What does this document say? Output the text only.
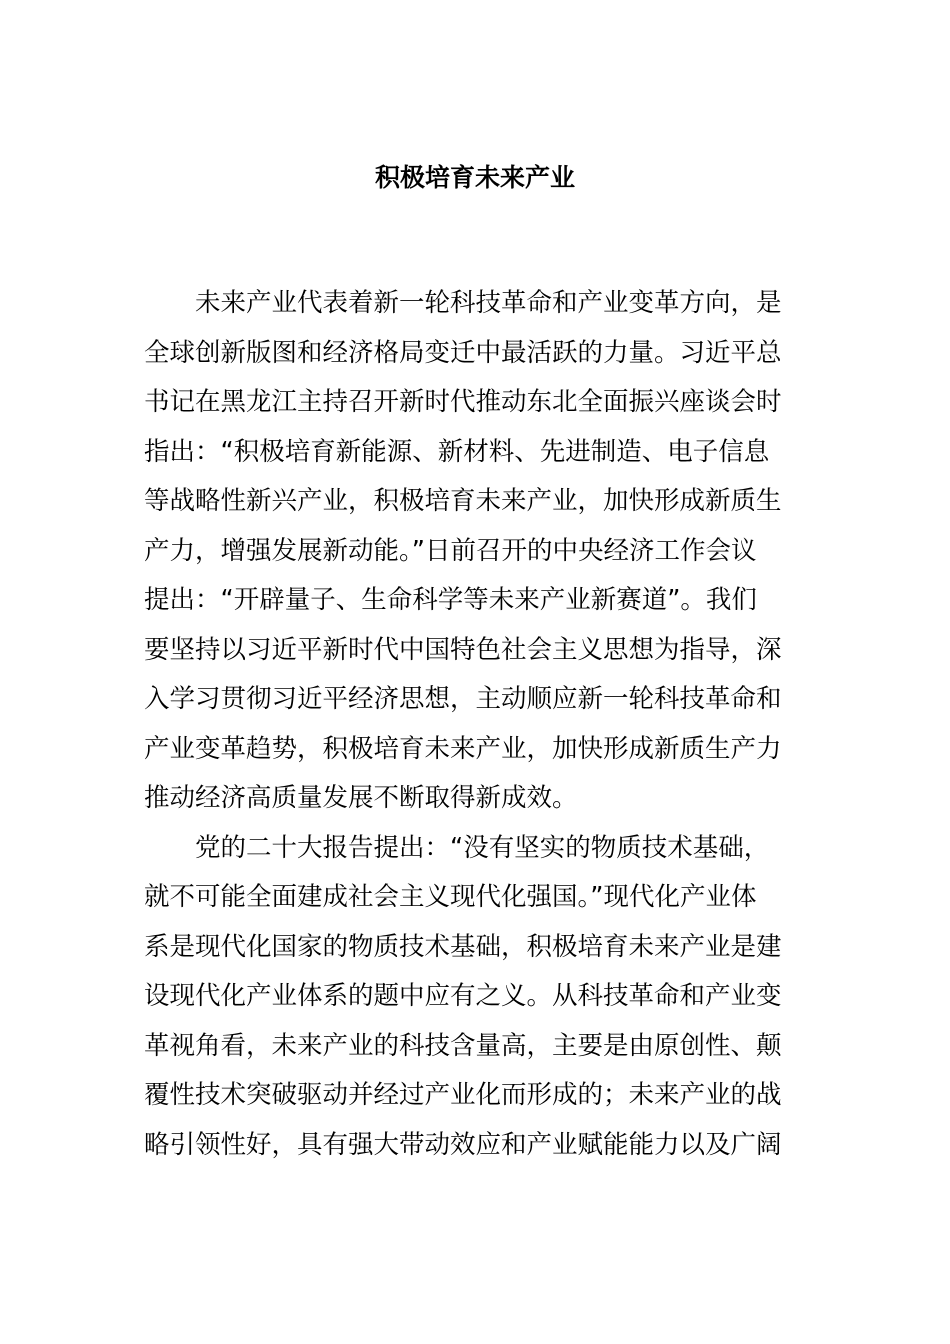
积极培育未来产业
未来产业代表着新一轮科技革命和产业变革方向，是
全球创新版图和经济格局变迁中最活跃的力量。习近平总
书记在黑龙江主持召开新时代推动东北全面振兴座谈会时
指出：“积极培育新能源、新材料、先进制造、电子信息
等战略性新兴产业，积极培育未来产业，加快形成新质生
产力，增强发展新动能。”日前召开的中央经济工作会议
提出：“开辟量子、生命科学等未来产业新赛道”。我们
要坚持以习近平新时代中国特色社会主义思想为指导，深
入学习贯彻习近平经济思想，主动顺应新一轮科技革命和
产业变革趋势，积极培育未来产业，加快形成新质生产力
推动经济高质量发展不断取得新成效。
党的二十大报告提出：“没有坚实的物质技术基础，
就不可能全面建成社会主义现代化强国。”现代化产业体
系是现代化国家的物质技术基础，积极培育未来产业是建
设现代化产业体系的题中应有之义。从科技革命和产业变
革视角看，未来产业的科技含量高，主要是由原创性、颠
覆性技术突破驱动并经过产业化而形成的；未来产业的战
略引领性好，具有强大带动效应和产业赋能能力以及广阔
